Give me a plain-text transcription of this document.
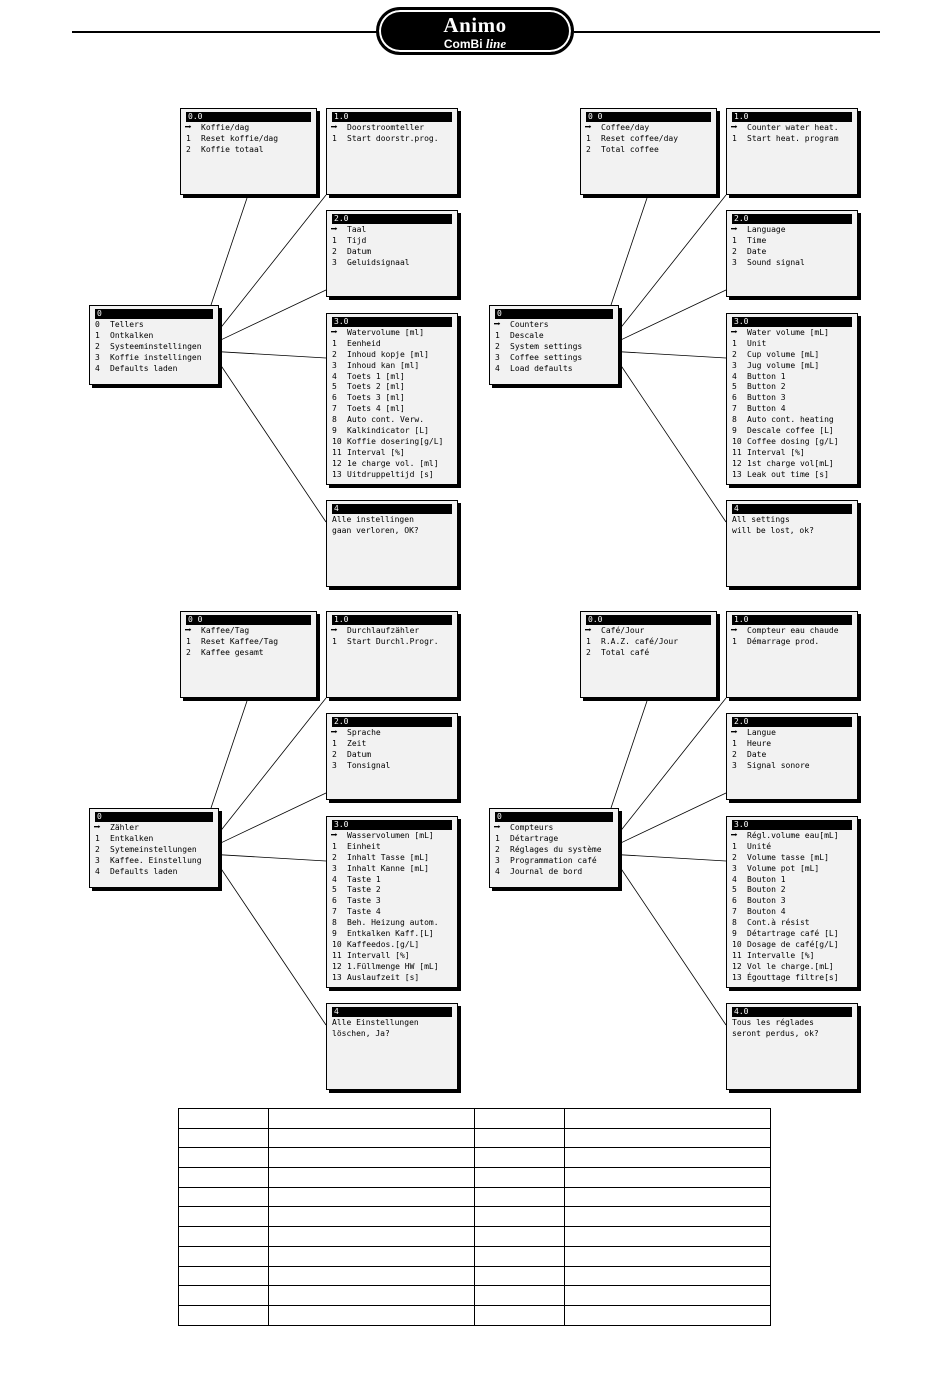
Animo
ComBi line
0
0 Tellers
1 Ontkalken
2 Systeeminstellingen
3 Koffie instellingen
4 Defaults laden
0.0
➡ Koffie/dag
1 Reset koffie/dag
2 Koffie totaal
1.0
➡ Doorstroomteller
1 Start doorstr.prog.
2.0
➡ Taal
1 Tijd
2 Datum
3 Geluidsignaal
3.0
➡ Watervolume [ml]
1 Eenheid
2 Inhoud kopje [ml]
3 Inhoud kan [ml]
4 Toets 1 [ml]
5 Toets 2 [ml]
6 Toets 3 [ml]
7 Toets 4 [ml]
8 Auto cont. Verw.
9 Kalkindicator [L]
10 Koffie dosering[g/L]
11 Interval [%]
12 1e charge vol. [ml]
13 Uitdruppeltijd [s]
4
Alle instellingen
gaan verloren, OK?
0
➡ Counters
1 Descale
2 System settings
3 Coffee settings
4 Load defaults
0 0
➡ Coffee/day
1 Reset coffee/day
2 Total coffee
1.0
➡ Counter water heat.
1 Start heat. program
2.0
➡ Language
1 Time
2 Date
3 Sound signal
3.0
➡ Water volume [mL]
1 Unit
2 Cup volume [mL]
3 Jug volume [mL]
4 Button 1
5 Button 2
6 Button 3
7 Button 4
8 Auto cont. heating
9 Descale coffee [L]
10 Coffee dosing [g/L]
11 Interval [%]
12 1st charge vol[mL]
13 Leak out time [s]
4
All settings
will be lost, ok?
0
➡ Zähler
1 Entkalken
2 Sytemeinstellungen
3 Kaffee. Einstellung
4 Defaults laden
0 0
➡ Kaffee/Tag
1 Reset Kaffee/Tag
2 Kaffee gesamt
1.0
➡ Durchlaufzähler
1 Start Durchl.Progr.
2.0
➡ Sprache
1 Zeit
2 Datum
3 Tonsignal
3.0
➡ Wasservolumen [mL]
1 Einheit
2 Inhalt Tasse [mL]
3 Inhalt Kanne [mL]
4 Taste 1
5 Taste 2
6 Taste 3
7 Taste 4
8 Beh. Heizung autom.
9 Entkalken Kaff.[L]
10 Kaffeedos.[g/L]
11 Intervall [%]
12 1.Füllmenge HW [mL]
13 Auslaufzeit [s]
4
Alle Einstellungen
löschen, Ja?
0
➡ Compteurs
1 Détartrage
2 Réglages du système
3 Programmation café
4 Journal de bord
0.0
➡ Café/Jour
1 R.A.Z. café/Jour
2 Total café
1.0
➡ Compteur eau chaude
1 Démarrage prod.
2.0
➡ Langue
1 Heure
2 Date
3 Signal sonore
3.0
➡ Régl.volume eau[mL]
1 Unité
2 Volume tasse [mL]
3 Volume pot [mL]
4 Bouton 1
5 Bouton 2
6 Bouton 3
7 Bouton 4
8 Cont.à résist
9 Détartrage café [L]
10 Dosage de café[g/L]
11 Intervalle [%]
12 Vol le charge.[mL]
13 Égouttage filtre[s]
4.0
Tous les réglades
seront perdus, ok?
